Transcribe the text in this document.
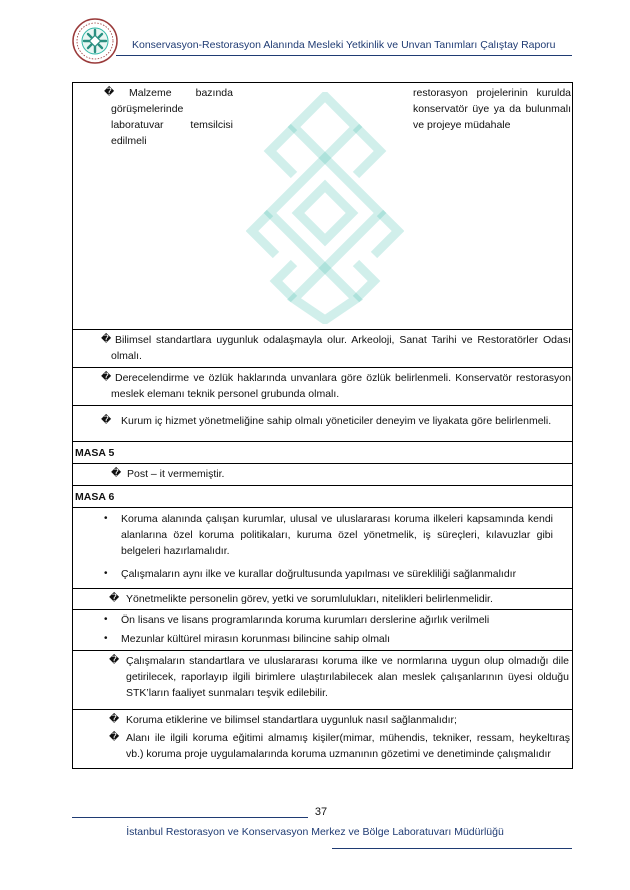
Konservasyon-Restorasyon Alanında Mesleki Yetkinlik ve Unvan Tanımları Çalıştay Raporu
�	Malzeme bazında görüşmelerinde laboratuvar temsilcisi edilmeli
restorasyon projelerinin kurulda konservatör üye ya da bulunmalı ve projeye müdahale
� Bilimsel standartlara uygunluk odalaşmayla olur. Arkeoloji, Sanat Tarihi ve Restoratörler Odası olmalı.
� Derecelendirme ve özlük haklarında unvanlara göre özlük belirlenmeli. Konservatör restorasyon meslek elemanı teknik personel grubunda olmalı.
� Kurum iç hizmet yönetmeliğine sahip olmalı yöneticiler deneyim ve liyakata göre belirlenmeli.
MASA 5
� Post – it vermemiştir.
MASA 6
• Koruma alanında çalışan kurumlar, ulusal ve uluslararası koruma ilkeleri kapsamında kendi alanlarına özel koruma politikaları, kuruma özel yönetmelik, iş süreçleri, kılavuzlar gibi belgeleri hazırlamalıdır.
• Çalışmaların aynı ilke ve kurallar doğrultusunda yapılması ve sürekliliği sağlanmalıdır
� Yönetmelikte personelin görev, yetki ve sorumlulukları, nitelikleri belirlenmelidir.
• Ön lisans ve lisans programlarında koruma kurumları derslerine ağırlık verilmeli
• Mezunlar kültürel mirasın korunması bilincine sahip olmalı
� Çalışmaların standartlara ve uluslararası koruma ilke ve normlarına uygun olup olmadığı dile getirilecek, raporlayıp ilgili birimlere ulaştırılabilecek alan meslek çalışanlarının üyesi olduğu STK’ların faaliyet sunmaları teşvik edilebilir.
� Koruma etiklerine ve bilimsel standartlara uygunluk nasıl sağlanmalıdır;
� Alanı ile ilgili koruma eğitimi almamış kişiler(mimar, mühendis, tekniker, ressam, heykeltıraş vb.) koruma proje uygulamalarında koruma uzmanının gözetimi ve denetiminde çalışmalıdır
37
İstanbul Restorasyon ve Konservasyon Merkez ve Bölge Laboratuvarı Müdürlüğü
